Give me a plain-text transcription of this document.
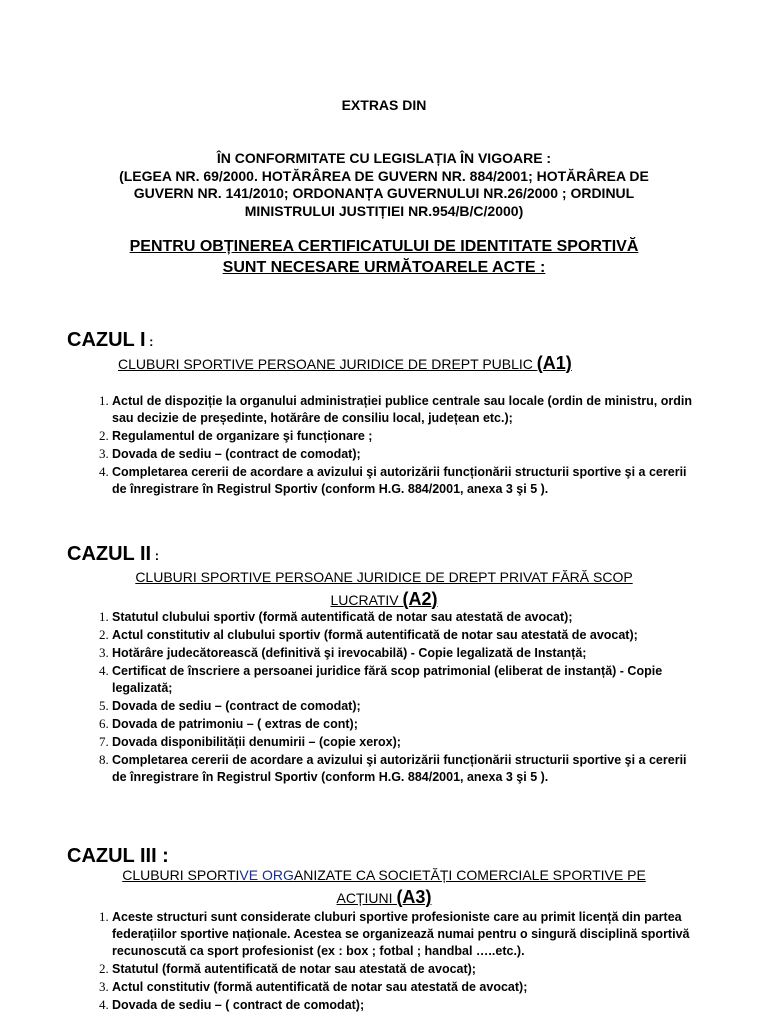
EXTRAS DIN
ÎN CONFORMITATE CU LEGISLAȚIA ÎN VIGOARE :
(LEGEA NR. 69/2000. HOTĂRÂREA DE GUVERN NR. 884/2001; HOTĂRÂREA DE
GUVERN NR. 141/2010; ORDONANȚA GUVERNULUI NR.26/2000 ; ORDINUL
MINISTRULUI JUSTIȚIEI NR.954/B/C/2000)
PENTRU OBȚINEREA CERTIFICATULUI DE IDENTITATE SPORTIVĂ
SUNT NECESARE URMĂTOARELE ACTE :
CAZUL I :
CLUBURI SPORTIVE PERSOANE JURIDICE DE DREPT PUBLIC (A1)
1. Actul de dispoziție la organului administrației publice centrale sau locale (ordin de ministru, ordin sau decizie de președinte, hotărâre de consiliu local, județean etc.);
2. Regulamentul de organizare şi funcționare ;
3. Dovada de sediu – (contract de comodat);
4. Completarea cererii de acordare a avizului şi autorizării funcționării structurii sportive şi a cererii de înregistrare în Registrul Sportiv (conform H.G. 884/2001, anexa 3 şi 5 ).
CAZUL II :
CLUBURI SPORTIVE PERSOANE JURIDICE DE DREPT PRIVAT FĂRĂ SCOP
LUCRATIV (A2)
1. Statutul clubului sportiv (formă autentificată de notar sau atestată de avocat);
2. Actul constitutiv al clubului sportiv (formă autentificată de notar sau atestată de avocat);
3. Hotărâre judecătorească (definitivă şi irevocabilă) - Copie legalizată de Instanță;
4. Certificat de înscriere a persoanei juridice fără scop patrimonial (eliberat de instanță) - Copie legalizată;
5. Dovada de sediu – (contract de comodat);
6. Dovada de patrimoniu – ( extras de cont);
7. Dovada disponibilității denumirii – (copie xerox);
8. Completarea cererii de acordare a avizului şi autorizării funcționării structurii sportive şi a cererii de înregistrare în Registrul Sportiv (conform H.G. 884/2001, anexa 3 şi 5 ).
CAZUL III :
CLUBURI SPORTIVE ORGANIZATE CA SOCIETĂȚI COMERCIALE SPORTIVE PE
ACȚIUNI (A3)
1. Aceste structuri sunt considerate cluburi sportive profesioniste care au primit licență din partea federațiilor sportive naționale. Acestea se organizează numai pentru o singură disciplină sportivă recunoscută ca sport profesionist (ex : box ; fotbal ; handbal …..etc.).
2. Statutul (formă autentificată de notar sau atestată de avocat);
3. Actul constitutiv (formă autentificată de notar sau atestată de avocat);
4. Dovada de sediu – ( contract de comodat);
